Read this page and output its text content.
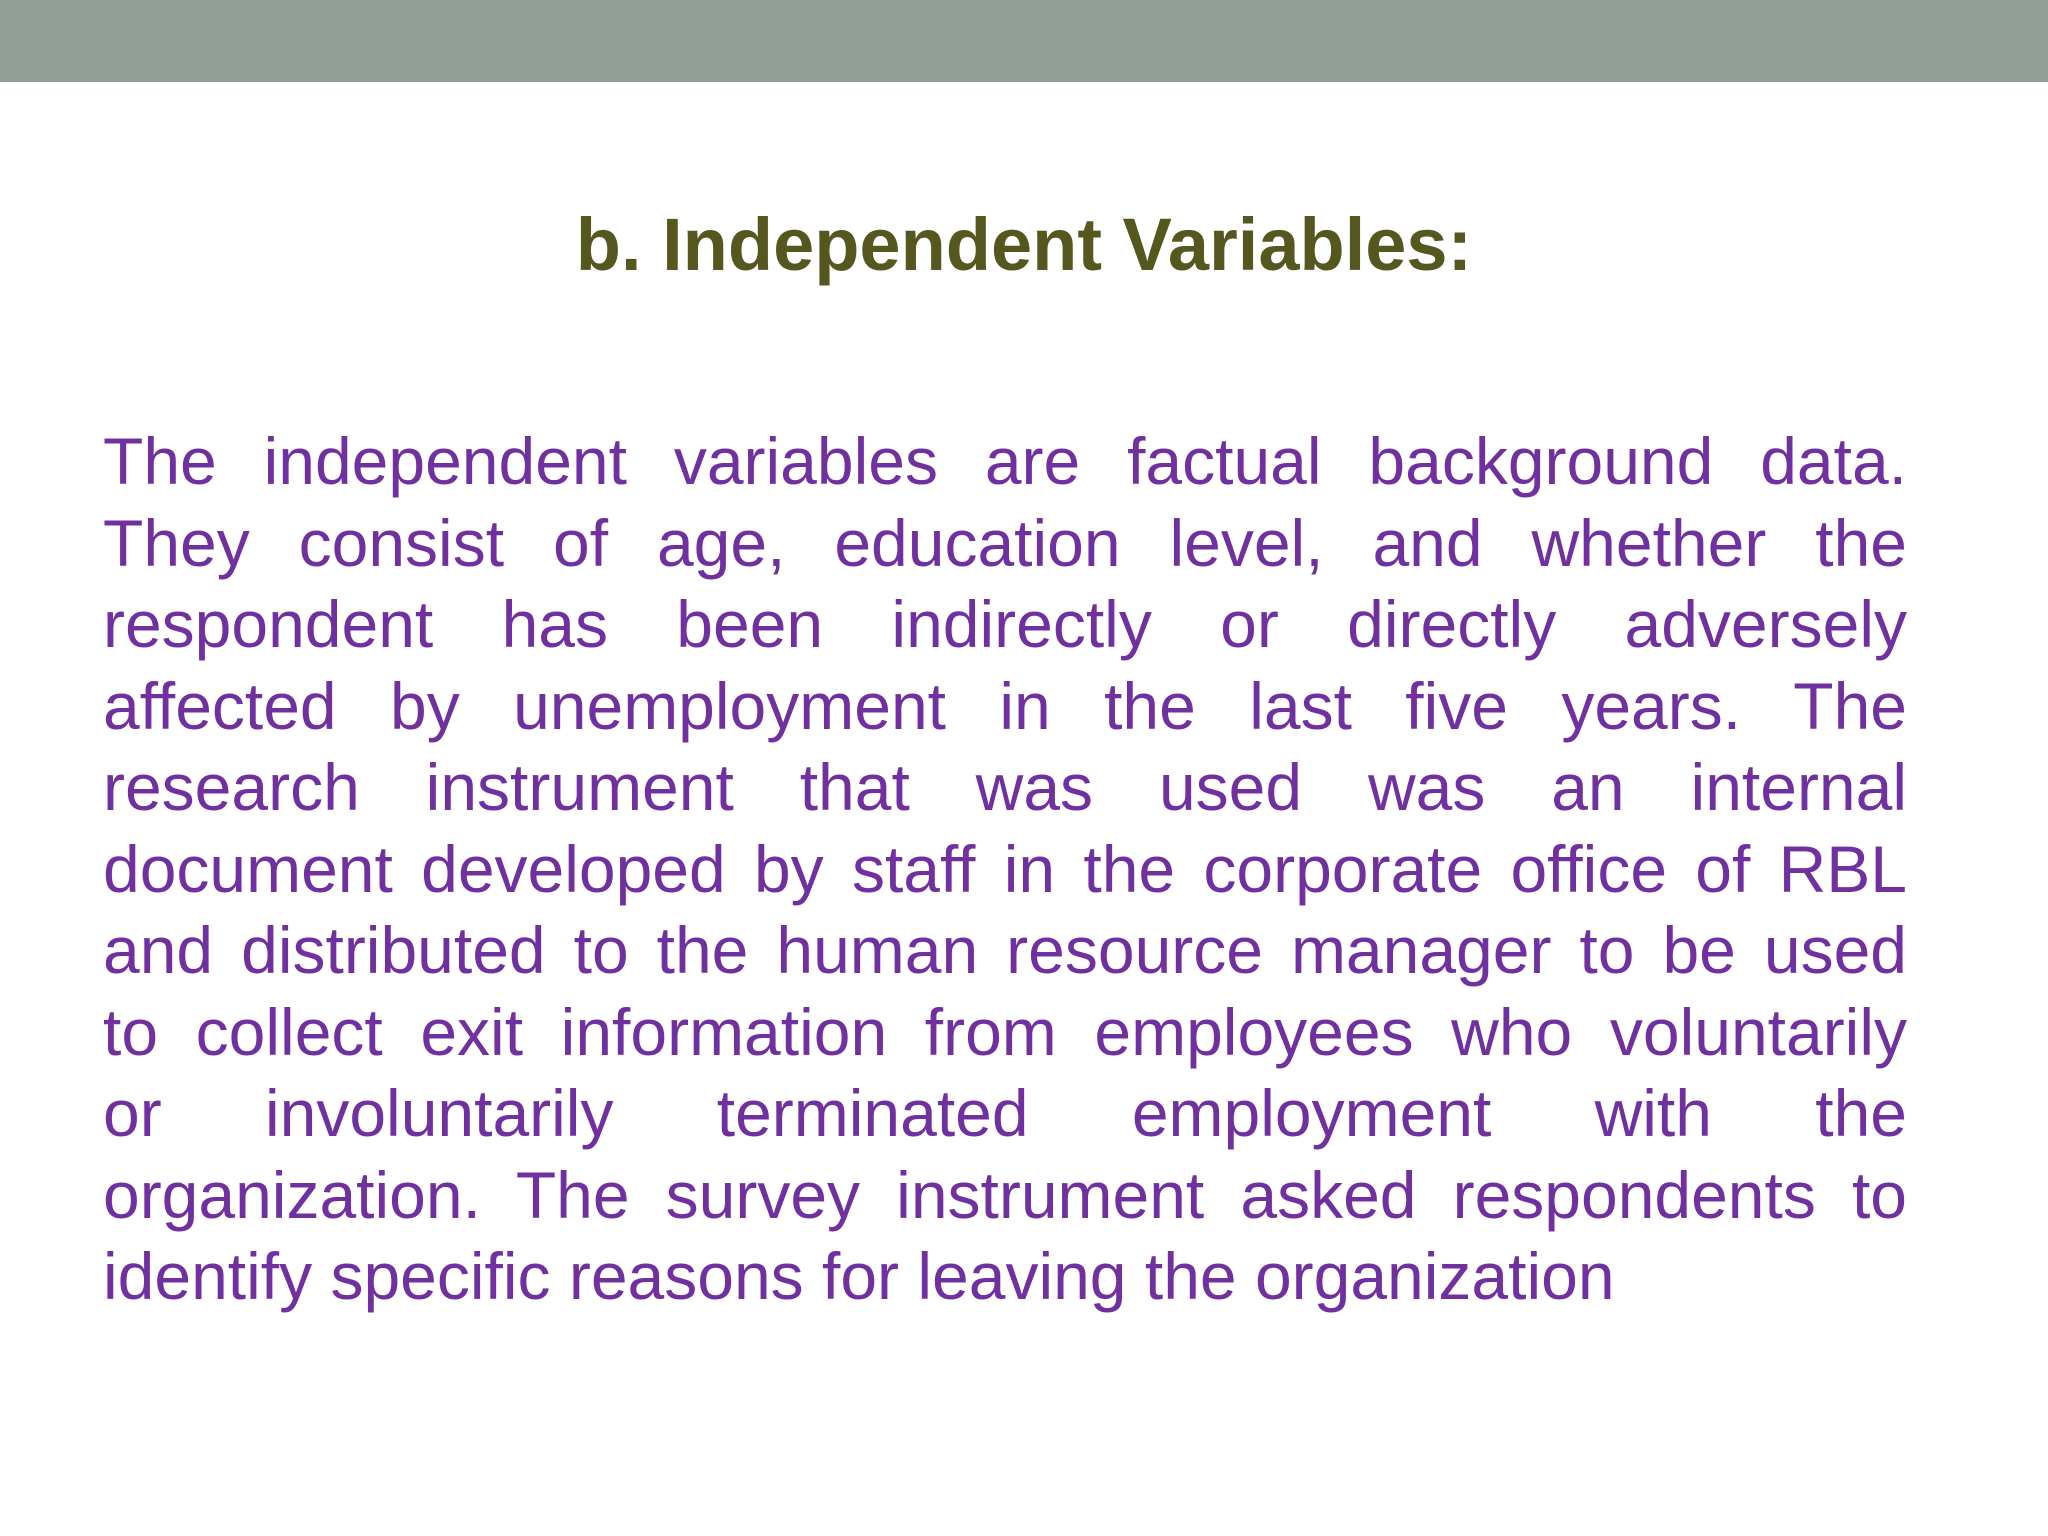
b. Independent Variables:
The independent variables are factual background data.
They consist of age, education level, and whether the
respondent has been indirectly or directly adversely
affected by unemployment in the last five years. The
research instrument that was used was an internal
document developed by staff in the corporate office of RBL
and distributed to the human resource manager to be used
to collect exit information from employees who voluntarily
or involuntarily terminated employment with the
organization. The survey instrument asked respondents to
identify specific reasons for leaving the organization
